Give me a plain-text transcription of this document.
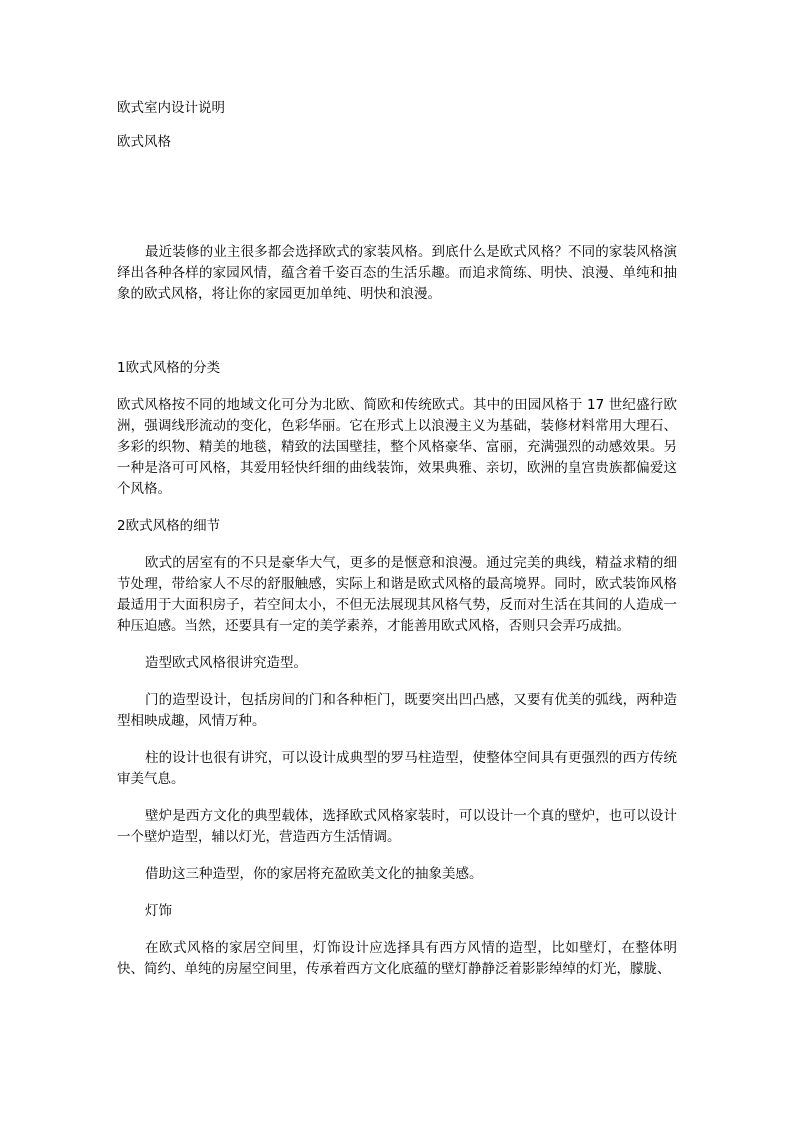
欧式室内设计说明

欧式风格

最近装修的业主很多都会选择欧式的家装风格。到底什么是欧式风格？不同的家装风格演绎出各种各样的家园风情，蕴含着千姿百态的生活乐趣。而追求简练、明快、浪漫、单纯和抽象的欧式风格，将让你的家园更加单纯、明快和浪漫。

1欧式风格的分类

欧式风格按不同的地域文化可分为北欧、简欧和传统欧式。其中的田园风格于 17 世纪盛行欧洲，强调线形流动的变化，色彩华丽。它在形式上以浪漫主义为基础，装修材料常用大理石、多彩的织物、精美的地毯，精致的法国壁挂，整个风格豪华、富丽，充满强烈的动感效果。另一种是洛可可风格，其爱用轻快纤细的曲线装饰，效果典雅、亲切，欧洲的皇宫贵族都偏爱这个风格。

2欧式风格的细节

欧式的居室有的不只是豪华大气，更多的是惬意和浪漫。通过完美的典线，精益求精的细节处理，带给家人不尽的舒服触感，实际上和谐是欧式风格的最高境界。同时，欧式装饰风格最适用于大面积房子，若空间太小，不但无法展现其风格气势，反而对生活在其间的人造成一种压迫感。当然，还要具有一定的美学素养，才能善用欧式风格，否则只会弄巧成拙。

造型欧式风格很讲究造型。

门的造型设计，包括房间的门和各种柜门，既要突出凹凸感，又要有优美的弧线，两种造型相映成趣，风情万种。

柱的设计也很有讲究，可以设计成典型的罗马柱造型，使整体空间具有更强烈的西方传统审美气息。

壁炉是西方文化的典型载体，选择欧式风格家装时，可以设计一个真的壁炉，也可以设计一个壁炉造型，辅以灯光，营造西方生活情调。

借助这三种造型，你的家居将充盈欧美文化的抽象美感。

灯饰

在欧式风格的家居空间里，灯饰设计应选择具有西方风情的造型，比如壁灯，在整体明快、简约、单纯的房屋空间里，传承着西方文化底蕴的壁灯静静泛着影影绰绰的灯光，朦胧、
